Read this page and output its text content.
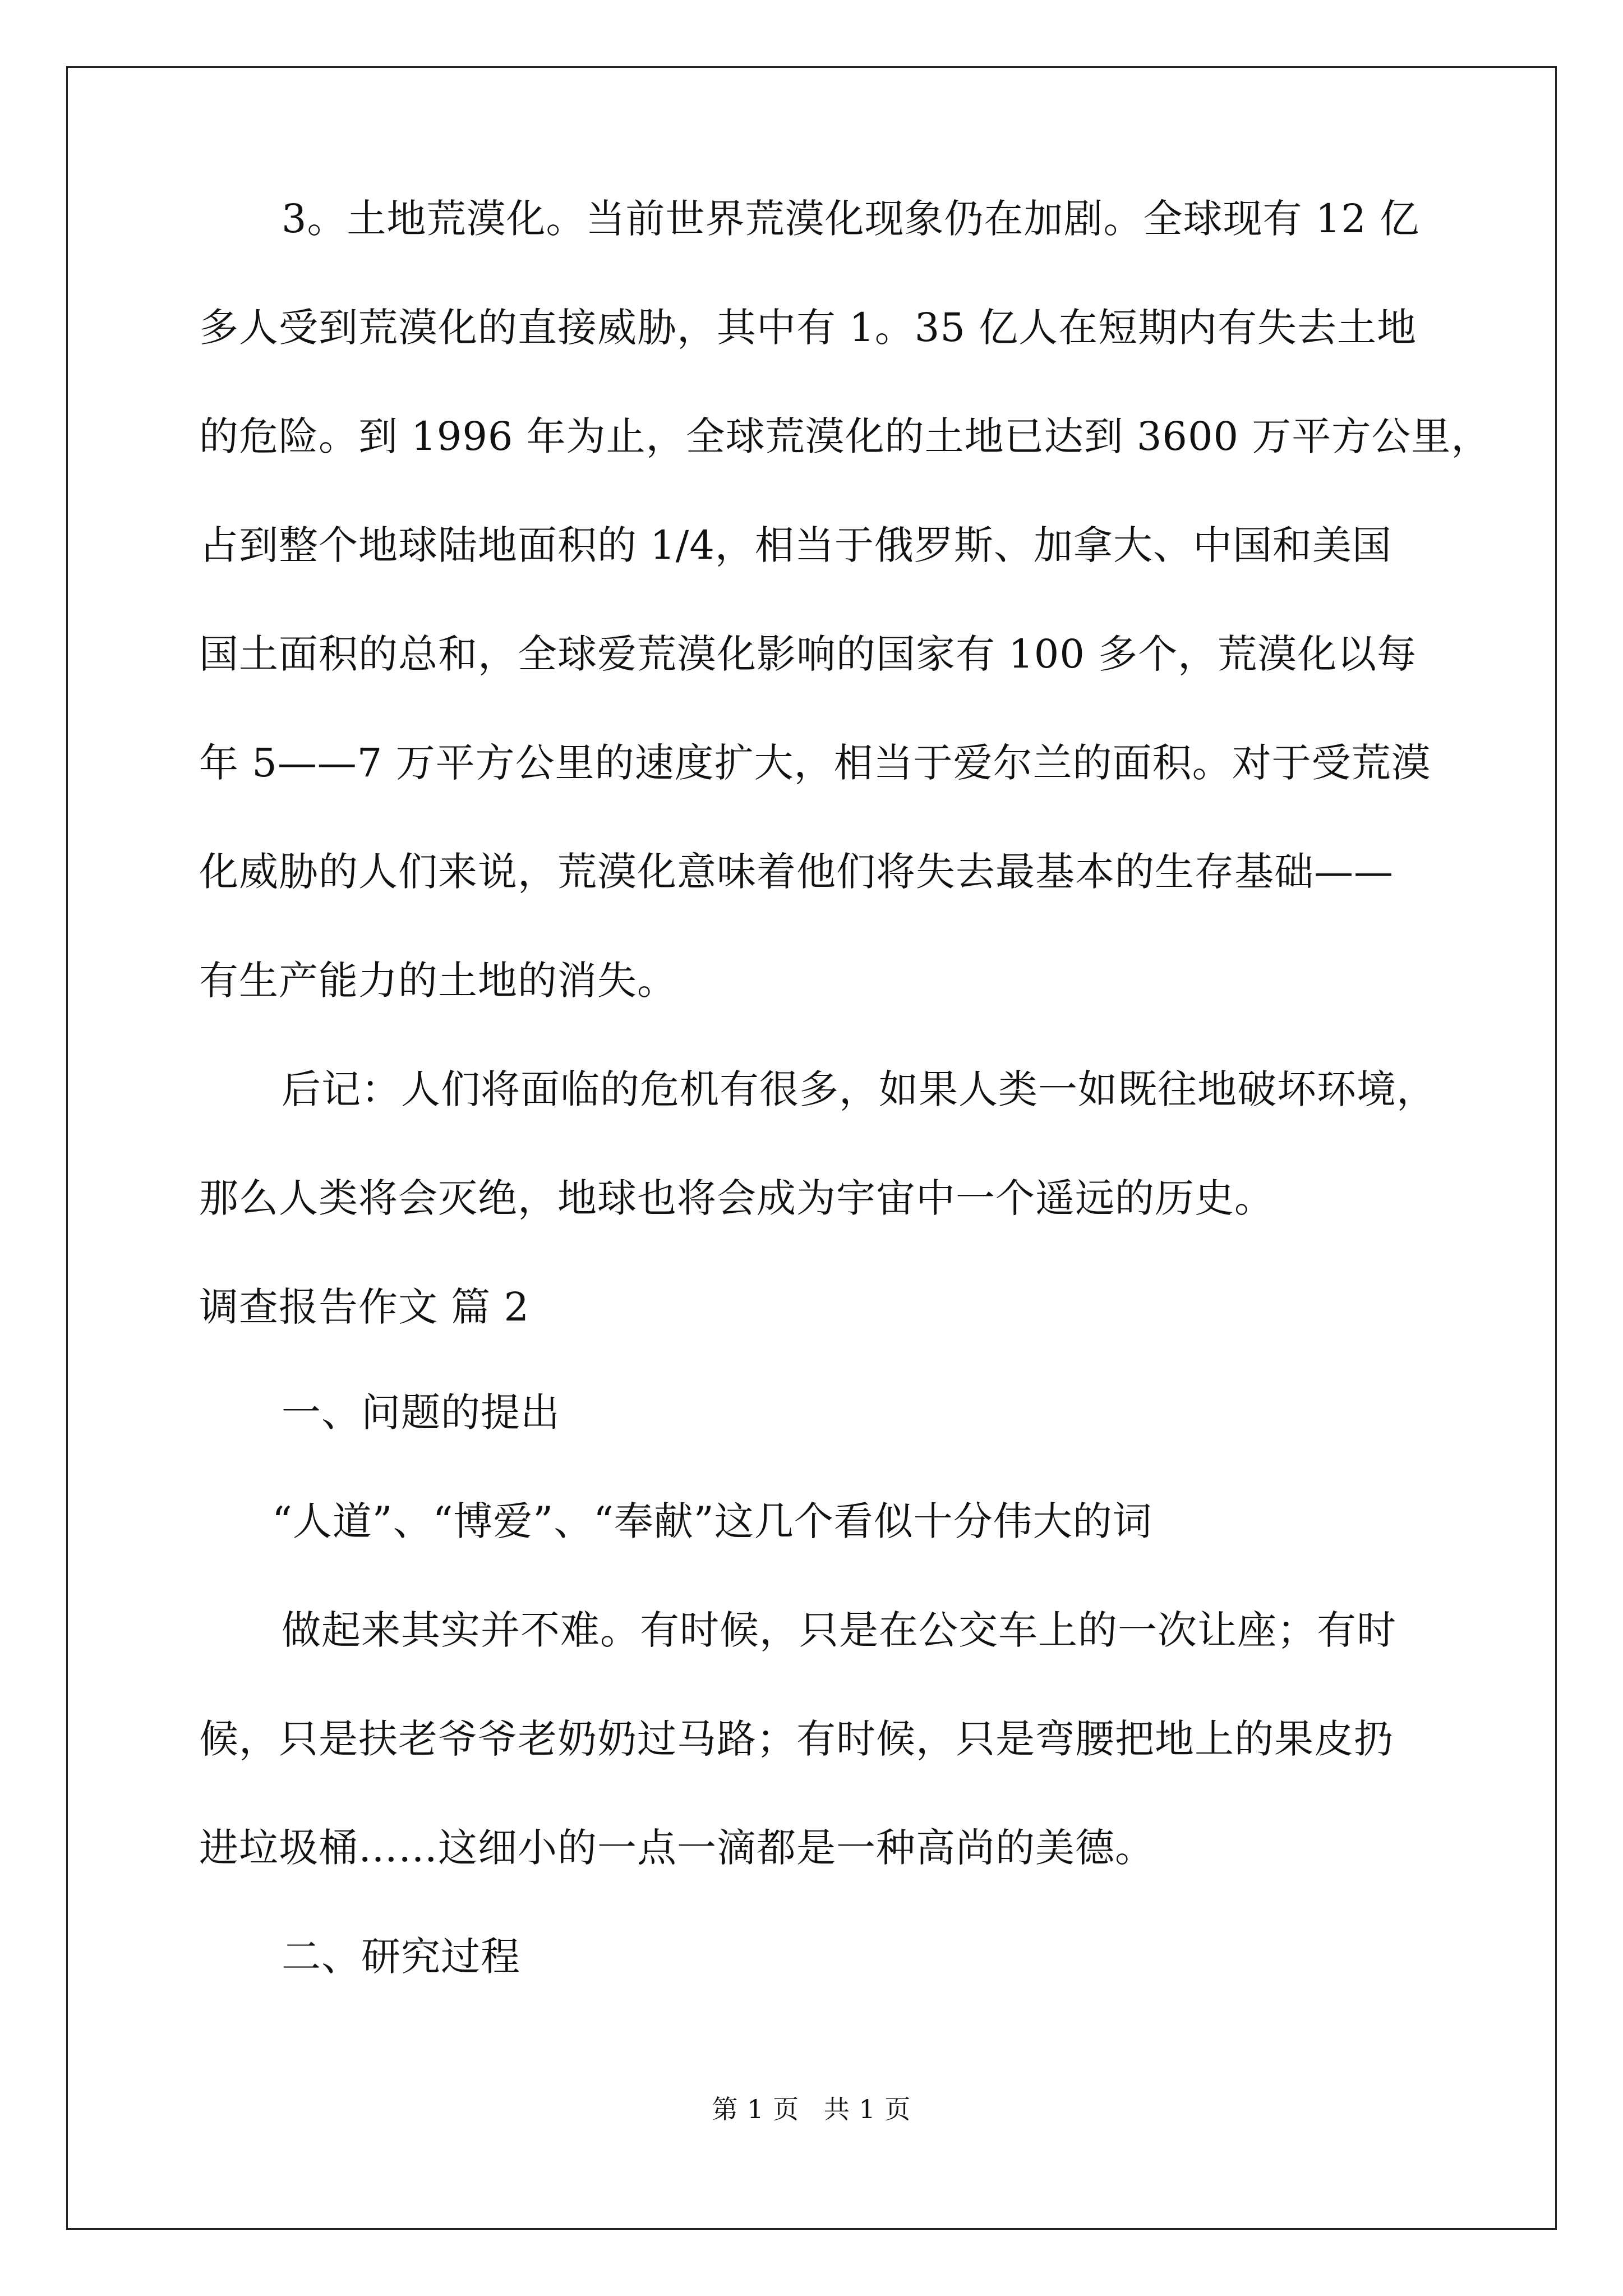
3。土地荒漠化。当前世界荒漠化现象仍在加剧。全球现有 12 亿
多人受到荒漠化的直接威胁，其中有 1。35 亿人在短期内有失去土地
的危险。到 1996 年为止，全球荒漠化的土地已达到 3600 万平方公里，
占到整个地球陆地面积的 1/4，相当于俄罗斯、加拿大、中国和美国
国土面积的总和，全球爱荒漠化影响的国家有 100 多个，荒漠化以每
年 5——7 万平方公里的速度扩大，相当于爱尔兰的面积。对于受荒漠
化威胁的人们来说，荒漠化意味着他们将失去最基本的生存基础——
有生产能力的土地的消失。
后记：人们将面临的危机有很多，如果人类一如既往地破坏环境，
那么人类将会灭绝，地球也将会成为宇宙中一个遥远的历史。
调查报告作文 篇 2
一、问题的提出
“人道”、“博爱”、“奉献”这几个看似十分伟大的词
做起来其实并不难。有时候，只是在公交车上的一次让座；有时
候，只是扶老爷爷老奶奶过马路；有时候，只是弯腰把地上的果皮扔
进垃圾桶……这细小的一点一滴都是一种高尚的美德。
二、研究过程
第 1 页 共 1 页
